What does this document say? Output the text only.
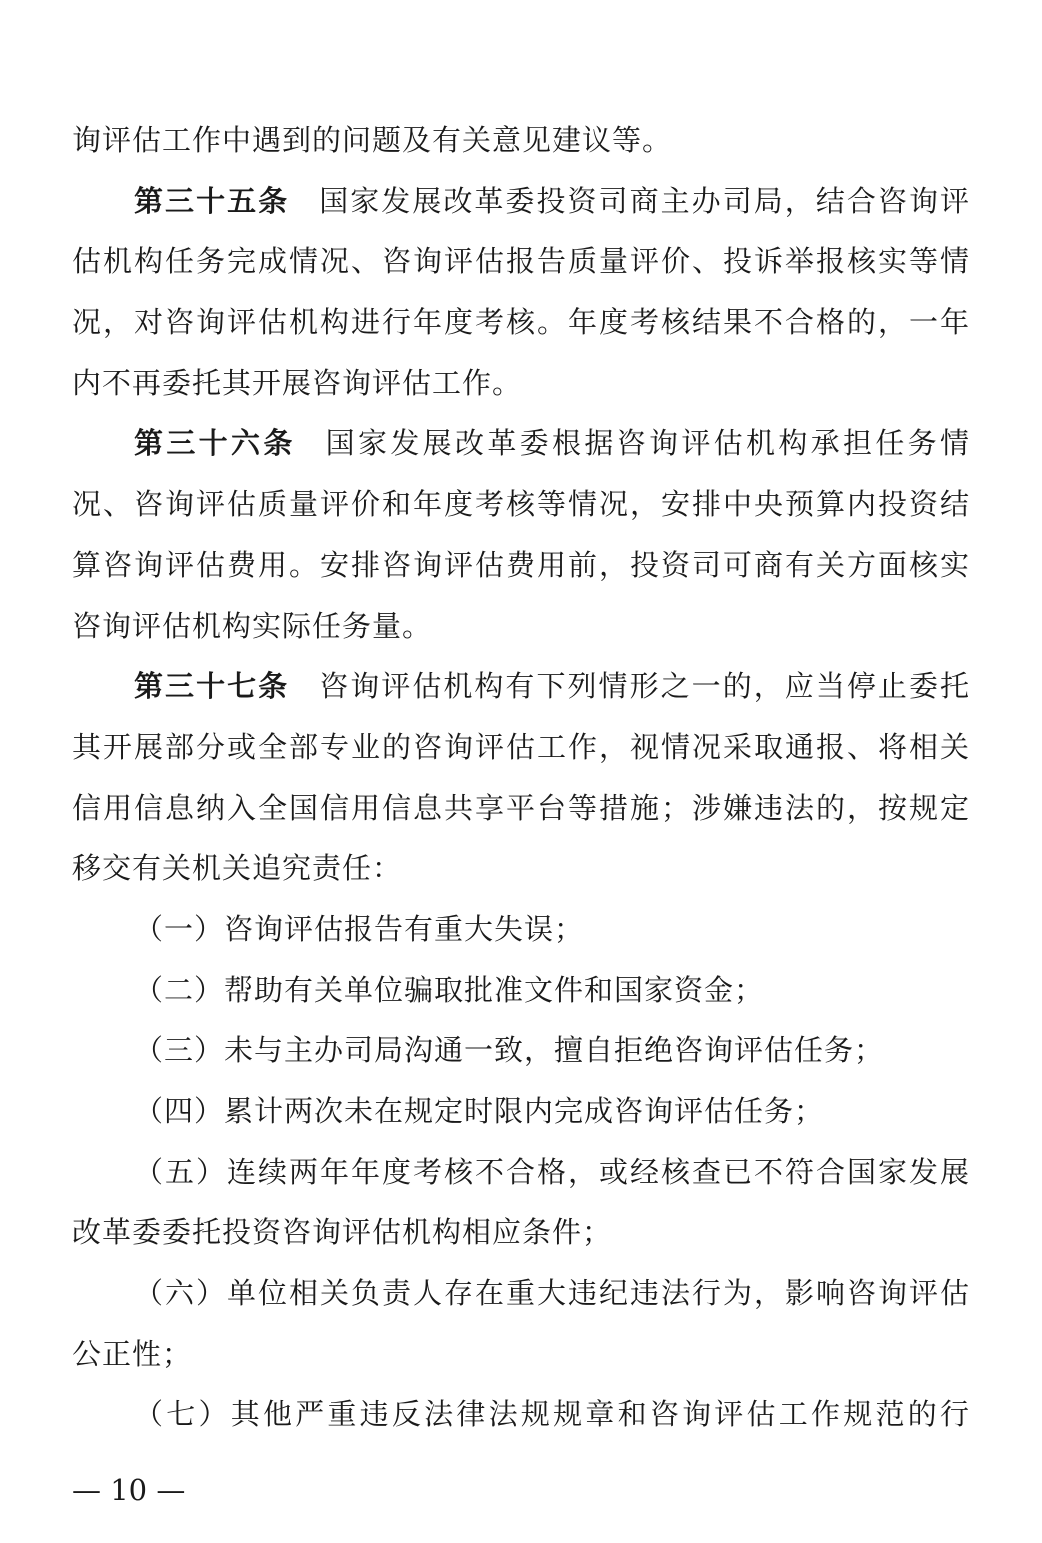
询评估工作中遇到的问题及有关意见建议等。
第三十五条 国家发展改革委投资司商主办司局，结合咨询评
估机构任务完成情况、咨询评估报告质量评价、投诉举报核实等情
况，对咨询评估机构进行年度考核。年度考核结果不合格的，一年
内不再委托其开展咨询评估工作。
第三十六条 国家发展改革委根据咨询评估机构承担任务情
况、咨询评估质量评价和年度考核等情况，安排中央预算内投资结
算咨询评估费用。安排咨询评估费用前，投资司可商有关方面核实
咨询评估机构实际任务量。
第三十七条 咨询评估机构有下列情形之一的，应当停止委托
其开展部分或全部专业的咨询评估工作，视情况采取通报、将相关
信用信息纳入全国信用信息共享平台等措施；涉嫌违法的，按规定
移交有关机关追究责任：
（一）咨询评估报告有重大失误；
（二）帮助有关单位骗取批准文件和国家资金；
（三）未与主办司局沟通一致，擅自拒绝咨询评估任务；
（四）累计两次未在规定时限内完成咨询评估任务；
（五）连续两年年度考核不合格，或经核查已不符合国家发展
改革委委托投资咨询评估机构相应条件；
（六）单位相关负责人存在重大违纪违法行为，影响咨询评估
公正性；
（七）其他严重违反法律法规规章和咨询评估工作规范的行
— 10 —
